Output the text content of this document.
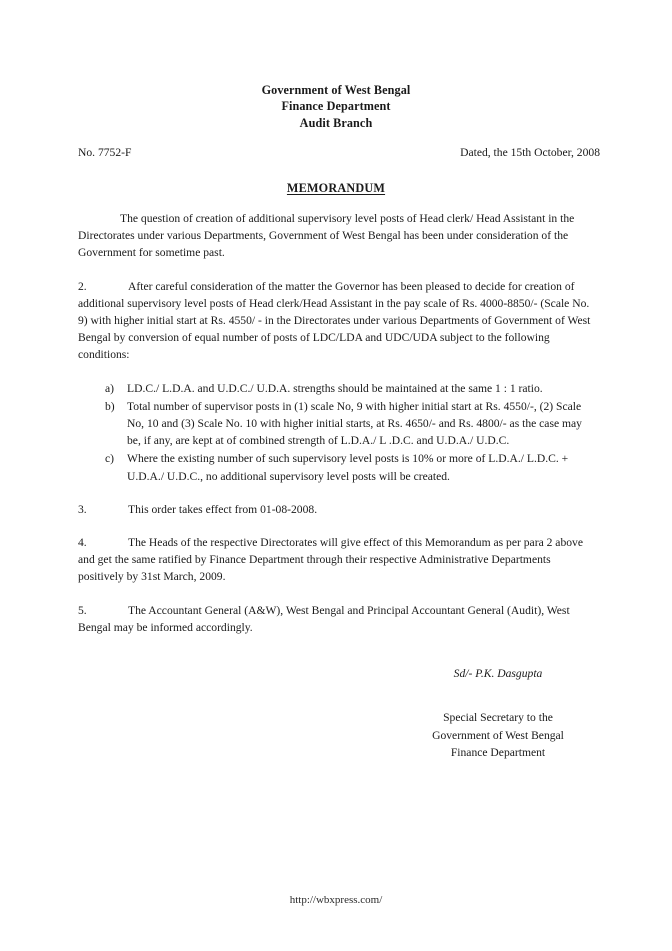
Government of West Bengal
Finance Department
Audit Branch
No. 7752-F	Dated, the 15th October, 2008
MEMORANDUM

The question of creation of additional supervisory level posts of Head clerk/ Head Assistant in the Directorates under various Departments, Government of West Bengal has been under consideration of the Government for sometime past.

2.	After careful consideration of the matter the Governor has been pleased to decide for creation of additional supervisory level posts of Head clerk/Head Assistant in the pay scale of Rs. 4000-8850/- (Scale No. 9) with higher initial start at Rs. 4550/ - in the Directorates under various Departments of Government of West Bengal by conversion of equal number of posts of LDC/LDA and UDC/UDA subject to the following conditions:

a) LD.C./ L.D.A. and U.D.C./ U.D.A. strengths should be maintained at the same 1 : 1 ratio.
b) Total number of supervisor posts in (1) scale No, 9 with higher initial start at Rs. 4550/-, (2) Scale No, 10 and (3) Scale No. 10 with higher initial starts, at Rs. 4650/- and Rs. 4800/- as the case may be, if any, are kept at of combined strength of L.D.A./ L .D.C. and U.D.A./ U.D.C.
c) Where the existing number of such supervisory level posts is 10% or more of L.D.A./ L.D.C. + U.D.A./ U.D.C., no additional supervisory level posts will be created.

3.	This order takes effect from 01-08-2008.

4.	The Heads of the respective Directorates will give effect of this Memorandum as per para 2 above and get the same ratified by Finance Department through their respective Administrative Departments positively by 31st March, 2009.

5.	The Accountant General (A&W), West Bengal and Principal Accountant General (Audit), West Bengal may be informed accordingly.

Sd/- P.K. Dasgupta
Special Secretary to the
Government of West Bengal
Finance Department
http://wbxpress.com/
